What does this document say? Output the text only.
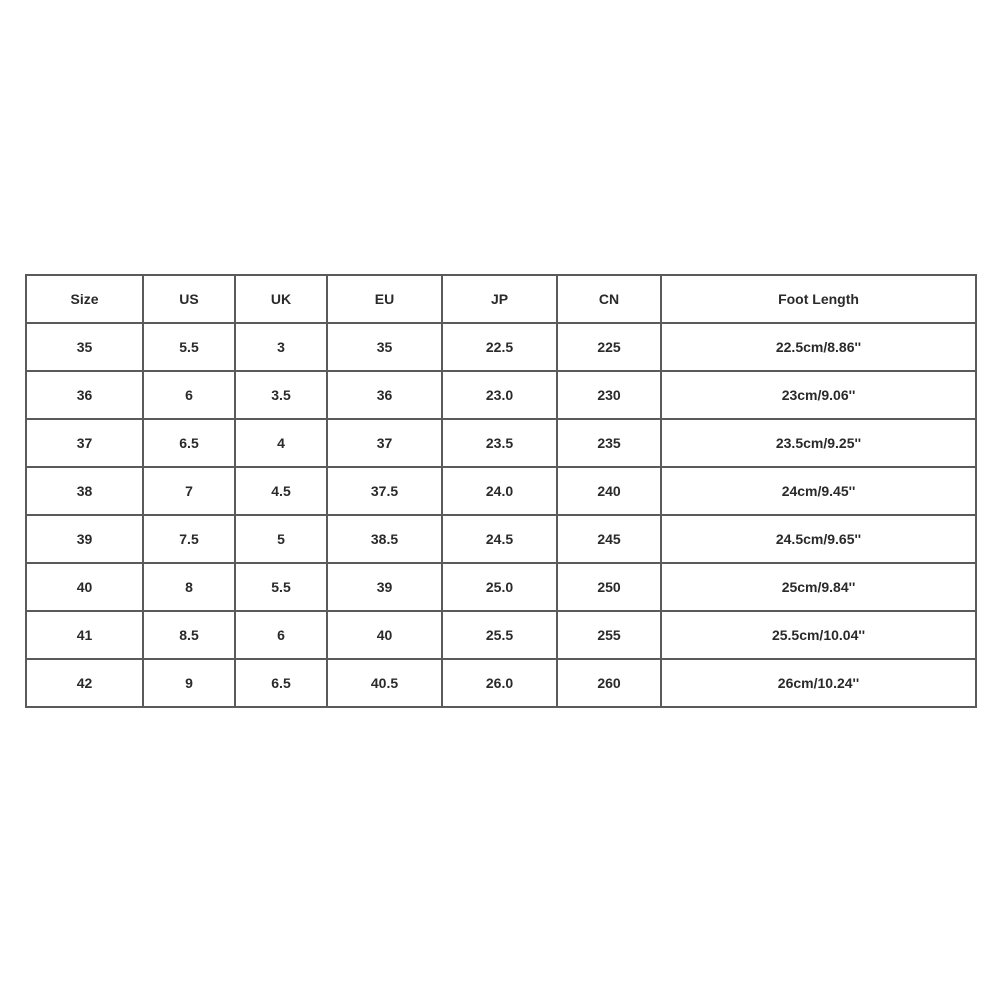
Size	US	UK	EU	JP	CN	Foot Length
35	5.5	3	35	22.5	225	22.5cm/8.86''
36	6	3.5	36	23.0	230	23cm/9.06''
37	6.5	4	37	23.5	235	23.5cm/9.25''
38	7	4.5	37.5	24.0	240	24cm/9.45''
39	7.5	5	38.5	24.5	245	24.5cm/9.65''
40	8	5.5	39	25.0	250	25cm/9.84''
41	8.5	6	40	25.5	255	25.5cm/10.04''
42	9	6.5	40.5	26.0	260	26cm/10.24''
